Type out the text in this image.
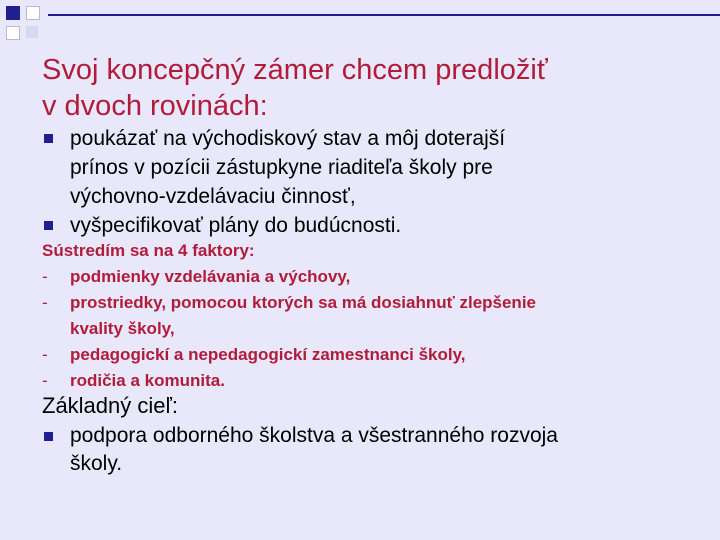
Svoj koncepčný zámer chcem predložiť
v dvoch rovinách:
poukázať na východiskový stav a môj doterajší
prínos v pozícii zástupkyne riaditeľa školy pre
výchovno-vzdelávaciu činnosť,
vyšpecifikovať plány do budúcnosti.
Sústredím sa na 4 faktory:
- podmienky vzdelávania a výchovy,
- prostriedky, pomocou ktorých sa má dosiahnuť zlepšenie
kvality školy,
- pedagogickí a nepedagogickí zamestnanci školy,
- rodičia a komunita.
Základný cieľ:
podpora odborného školstva a všestranného rozvoja
školy.
